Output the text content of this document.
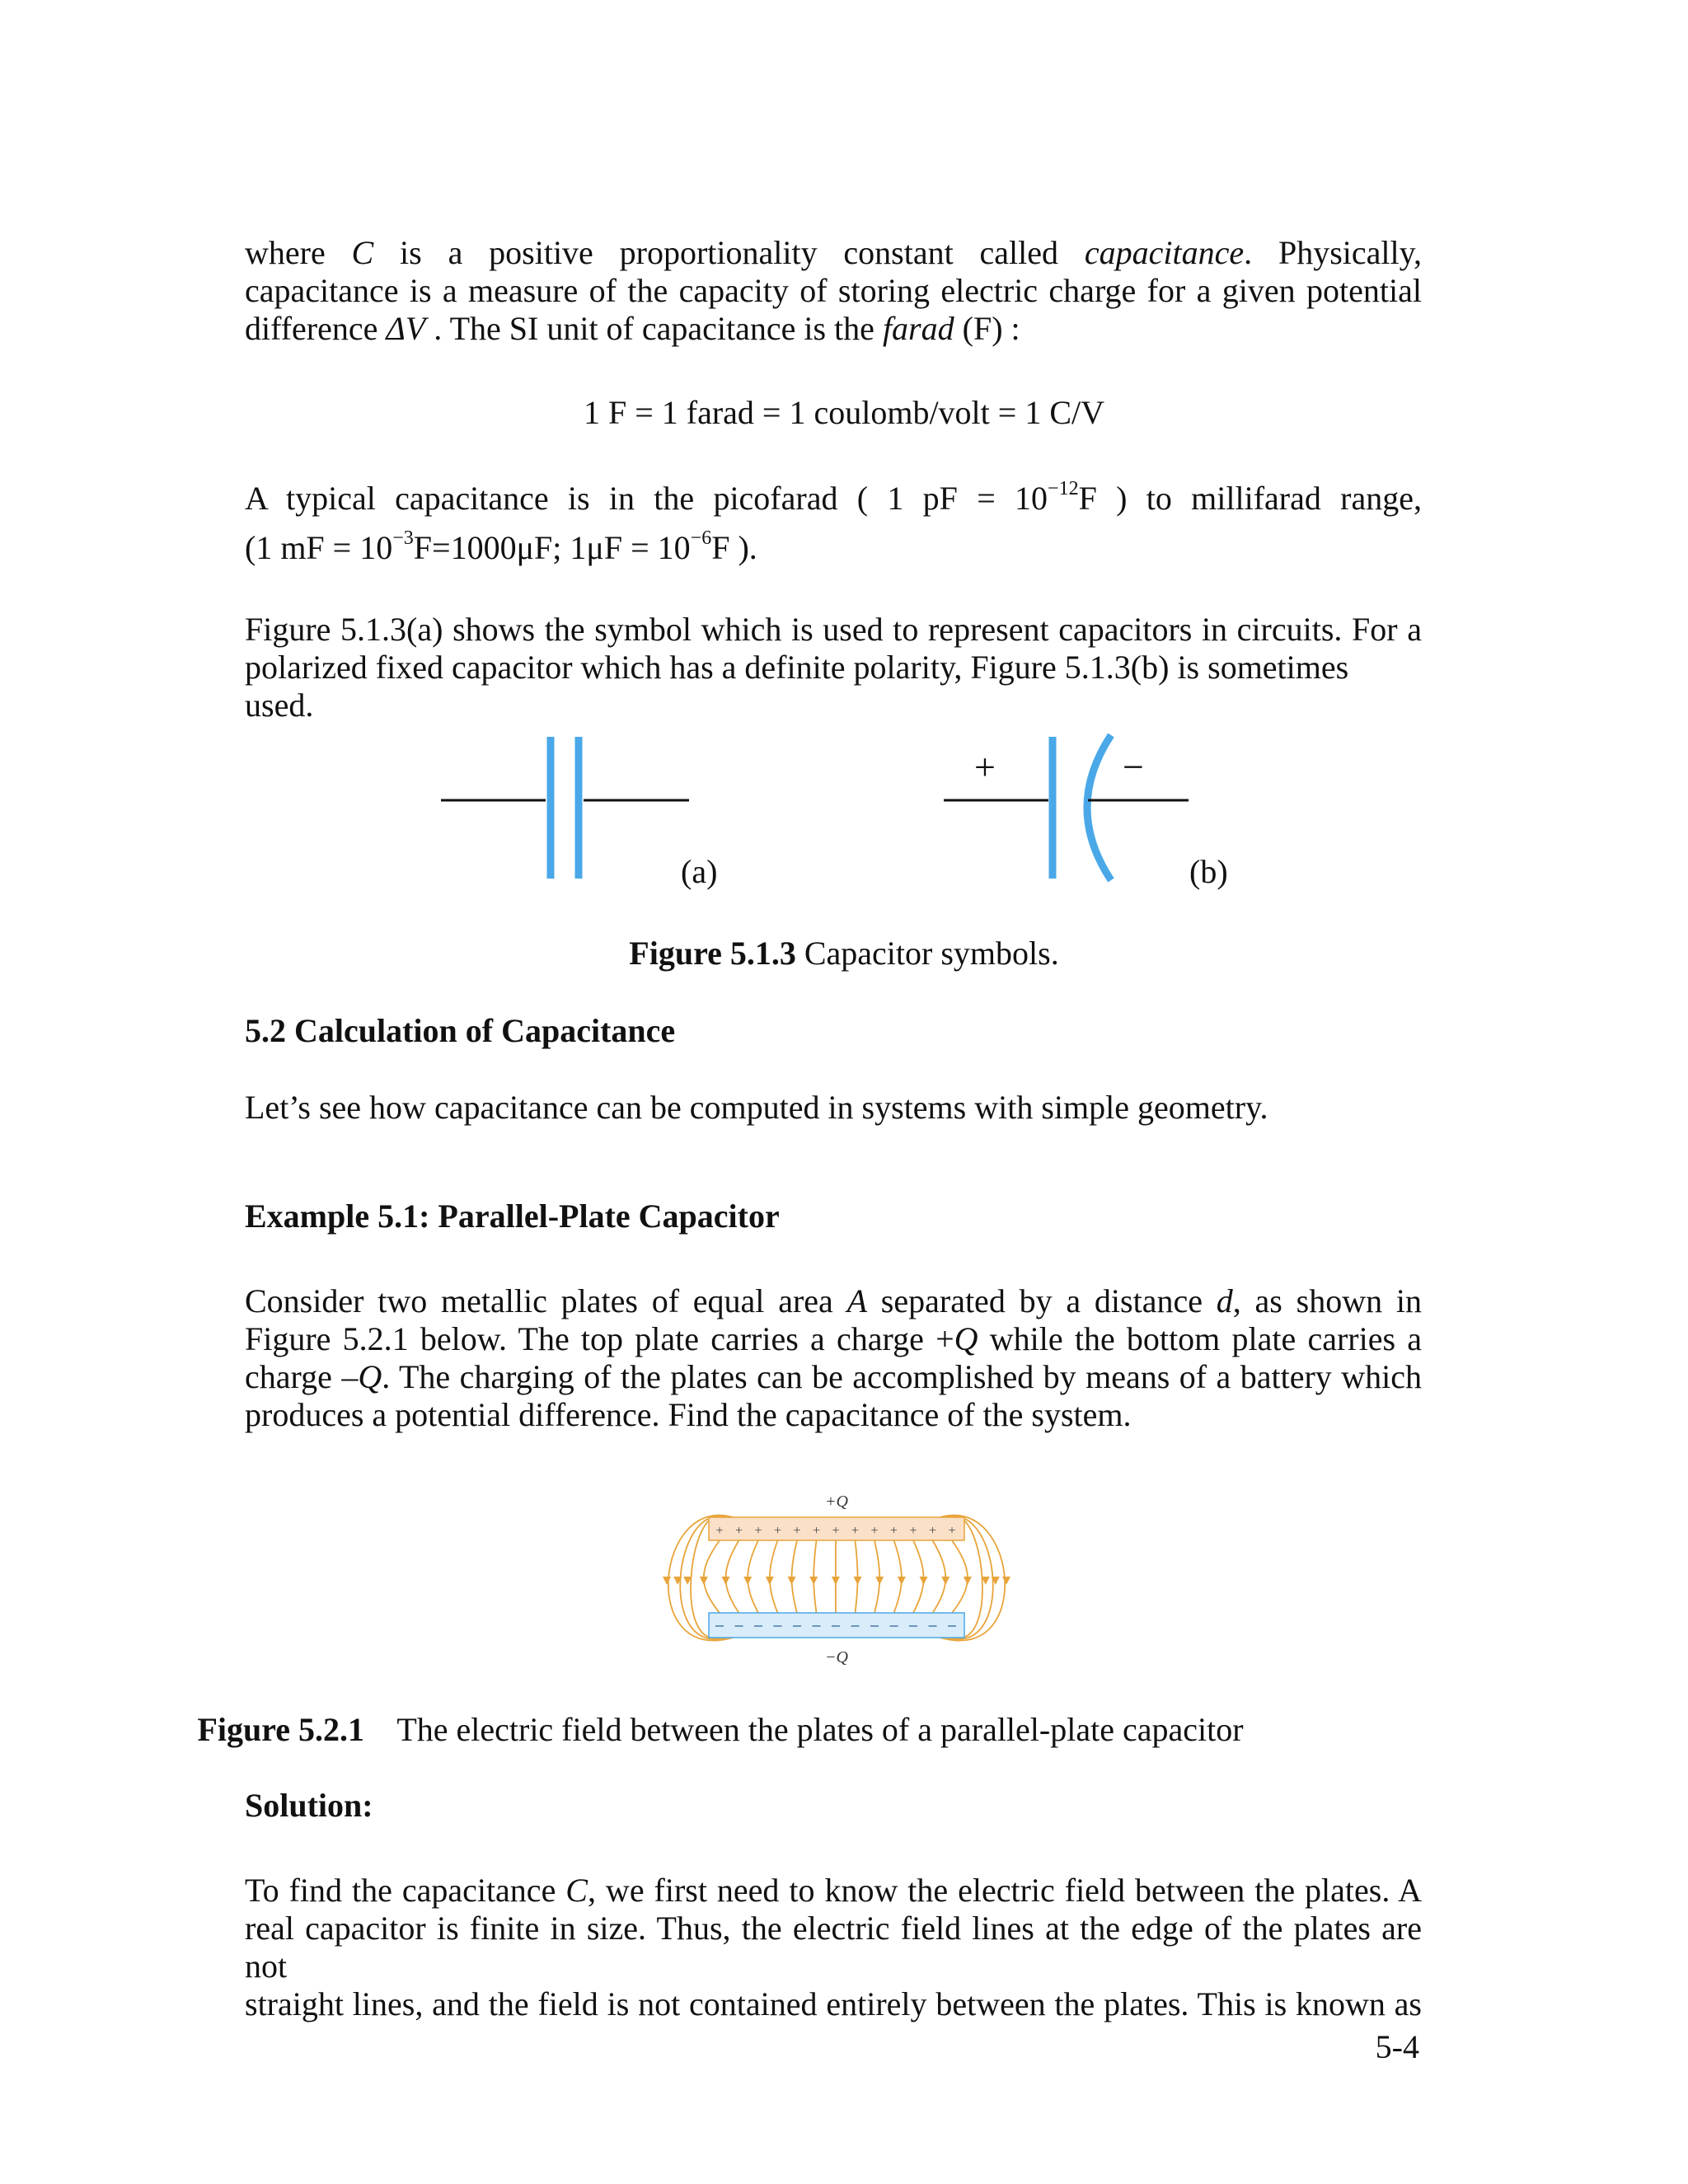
where C is a positive proportionality constant called capacitance. Physically,
capacitance is a measure of the capacity of storing electric charge for a given potential
difference ΔV . The SI unit of capacitance is the farad (F) :

1 F = 1 farad = 1 coulomb/volt = 1 C/V

A typical capacitance is in the picofarad ( 1 pF = $10^{-12}F$ ) to millifarad range,
(1 mF = $10^{-3}F=1000\mu F$; $1\mu F = 10^{-6}F$ ).
Figure 5.1.3(a) shows the symbol which is used to represent capacitors in circuits. For a
polarized fixed capacitor which has a definite polarity, Figure 5.1.3(b) is sometimes used.
+	−
(a)	(b)

Figure 5.1.3 Capacitor symbols.

5.2 Calculation of Capacitance

Let’s see how capacitance can be computed in systems with simple geometry.

Example 5.1: Parallel-Plate Capacitor

Consider two metallic plates of equal area A separated by a distance d, as shown in
Figure 5.2.1 below. The top plate carries a charge +Q while the bottom plate carries a
charge –Q. The charging of the plates can be accomplished by means of a battery which
produces a potential difference. Find the capacitance of the system.
+ + + + + + + + + + + + +
+Q
−Q

Figure 5.2.1    The electric field between the plates of a parallel-plate capacitor

Solution:

To find the capacitance C, we first need to know the electric field between the plates. A
real capacitor is finite in size. Thus, the electric field lines at the edge of the plates are not
straight lines, and the field is not contained entirely between the plates. This is known as
5-4
